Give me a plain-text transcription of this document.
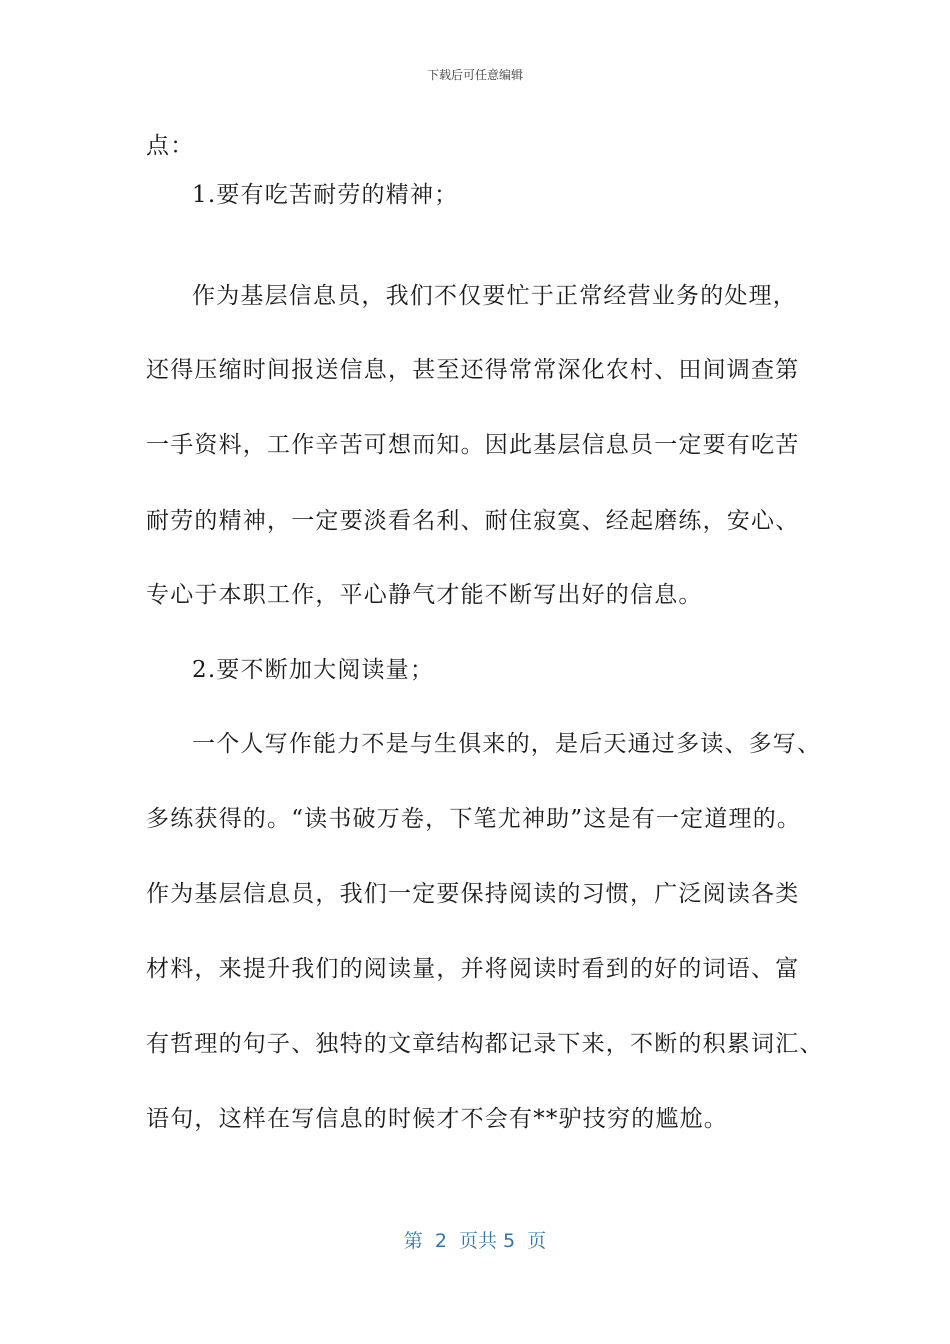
下载后可任意编辑
点：
1.要有吃苦耐劳的精神；
作为基层信息员，我们不仅要忙于正常经营业务的处理，
还得压缩时间报送信息，甚至还得常常深化农村、田间调查第
一手资料，工作辛苦可想而知。因此基层信息员一定要有吃苦
耐劳的精神，一定要淡看名利、耐住寂寞、经起磨练，安心、
专心于本职工作，平心静气才能不断写出好的信息。
2.要不断加大阅读量；
一个人写作能力不是与生俱来的，是后天通过多读、多写、
多练获得的。“读书破万卷，下笔尤神助”这是有一定道理的。
作为基层信息员，我们一定要保持阅读的习惯，广泛阅读各类
材料，来提升我们的阅读量，并将阅读时看到的好的词语、富
有哲理的句子、独特的文章结构都记录下来，不断的积累词汇、
语句，这样在写信息的时候才不会有**驴技穷的尴尬。
第  2  页共 5  页
